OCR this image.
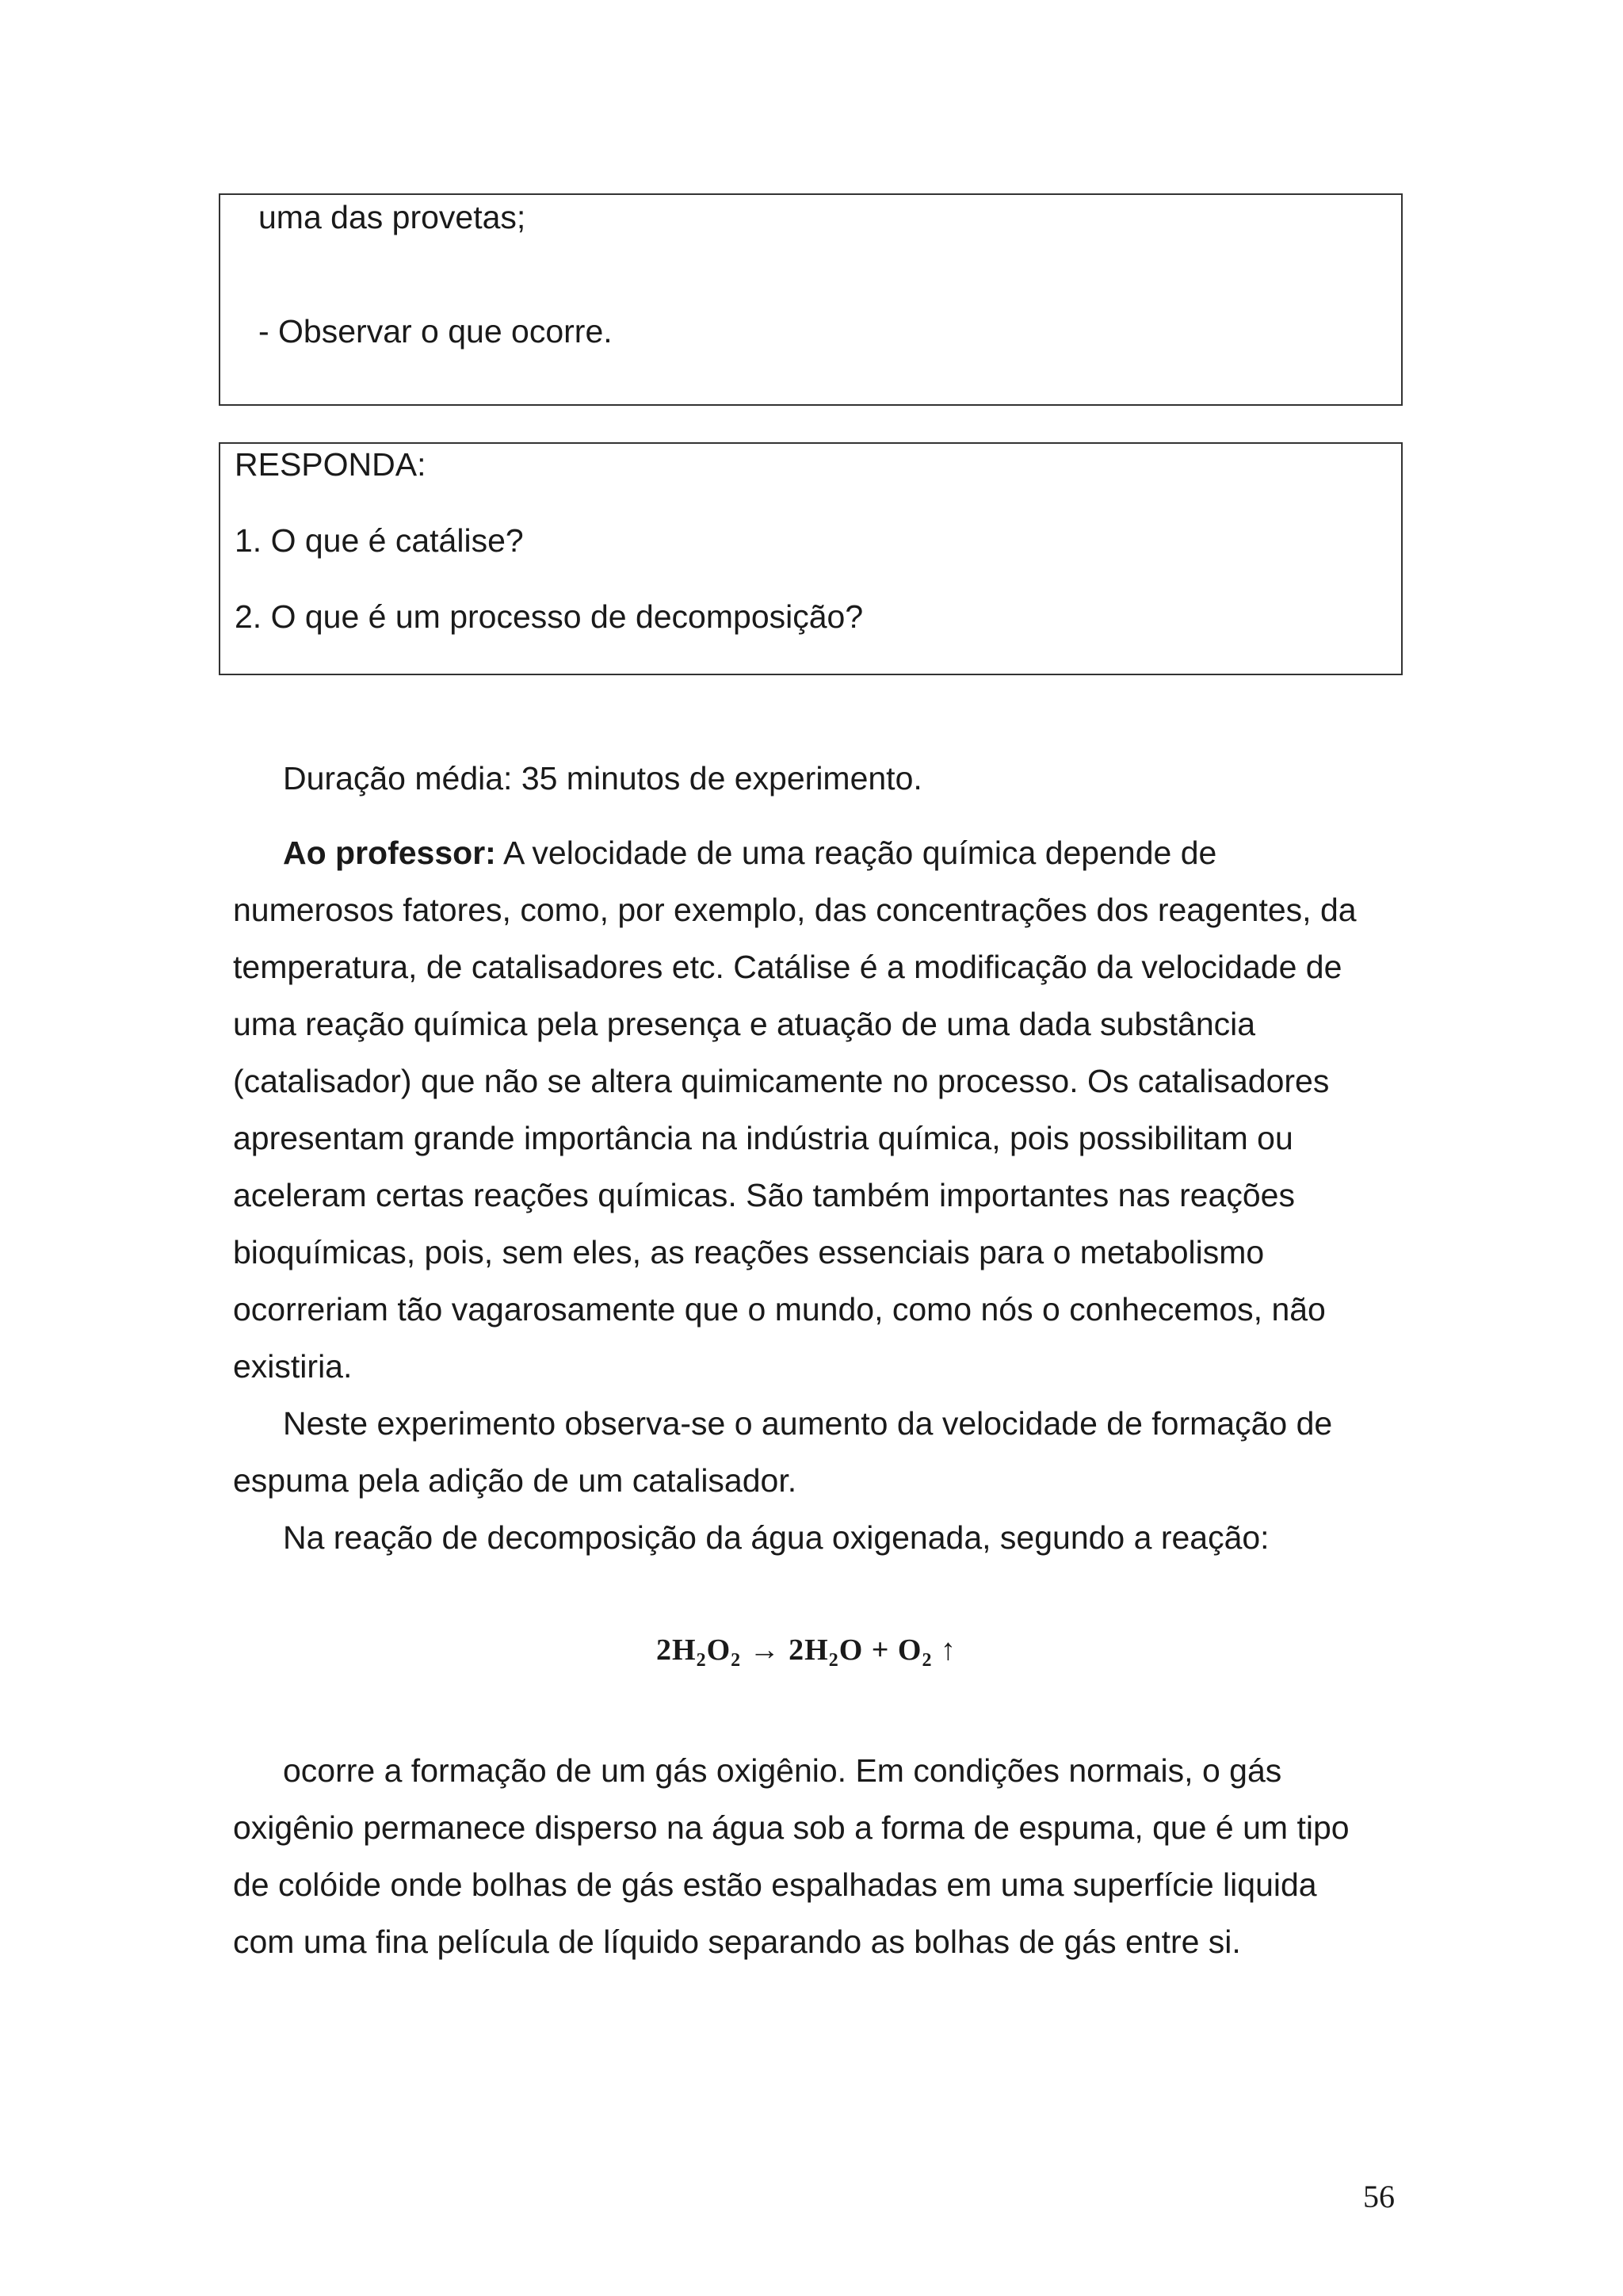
uma das provetas;
- Observar o que ocorre.
RESPONDA:
1. O que é catálise?
2. O que é um processo de decomposição?
Duração média: 35 minutos de experimento.
Ao professor: A velocidade de uma reação química depende de
numerosos fatores, como, por exemplo, das concentrações dos reagentes, da
temperatura, de catalisadores etc. Catálise é a modificação da velocidade de
uma reação química pela presença e atuação de uma dada substância
(catalisador) que não se altera quimicamente no processo. Os catalisadores
apresentam grande importância na indústria química, pois possibilitam ou
aceleram certas reações químicas. São também importantes nas reações
bioquímicas, pois, sem eles, as reações essenciais para o metabolismo
ocorreriam tão vagarosamente que o mundo, como nós o conhecemos, não
existiria.
Neste experimento observa-se o aumento da velocidade de formação de
espuma pela adição de um catalisador.
Na reação de decomposição da água oxigenada, segundo a reação:
$2H_2O_2 \to 2H_2O + O_2$ ↑
ocorre a formação de um gás oxigênio. Em condições normais, o gás
oxigênio permanece disperso na água sob a forma de espuma, que é um tipo
de colóide onde bolhas de gás estão espalhadas em uma superfície liquida
com uma fina película de líquido separando as bolhas de gás entre si.
56
